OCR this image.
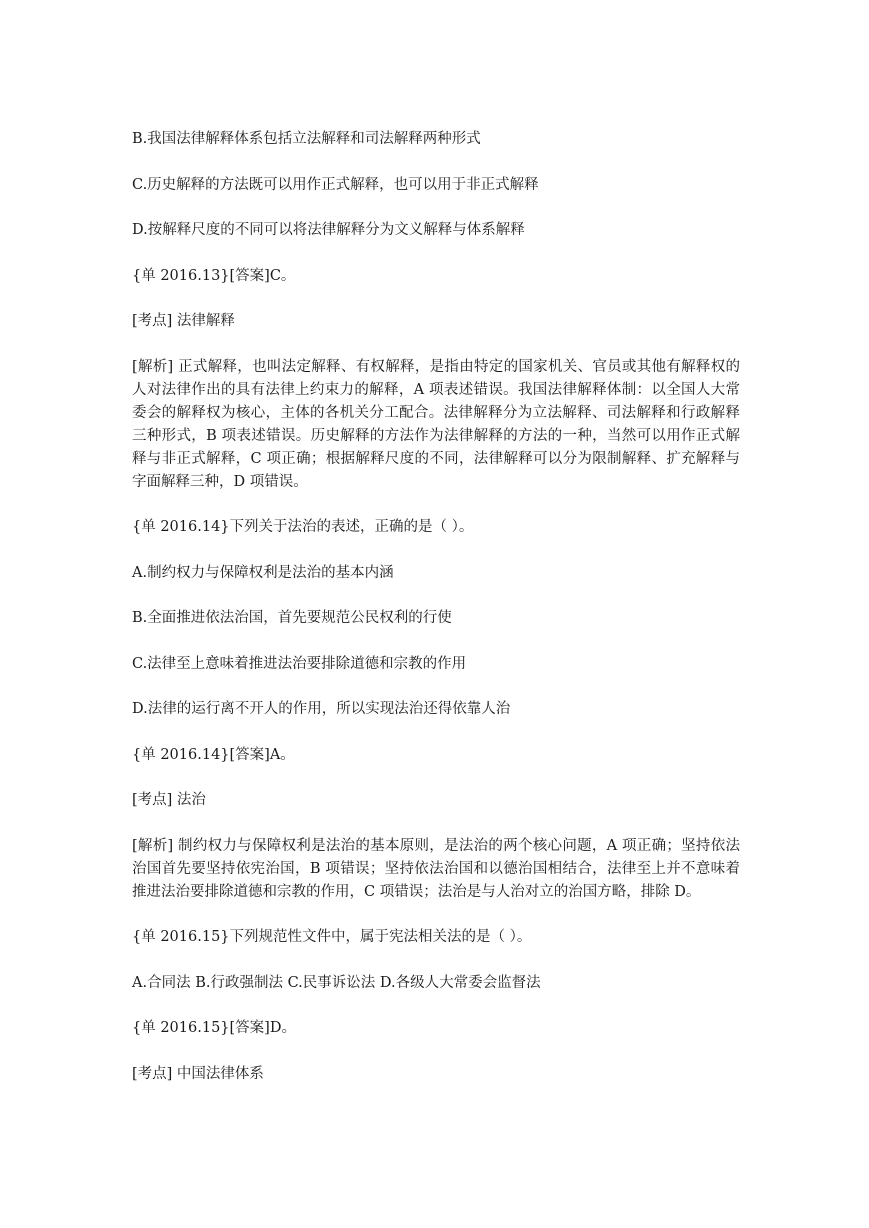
B.我国法律解释体系包括立法解释和司法解释两种形式

C.历史解释的方法既可以用作正式解释，也可以用于非正式解释

D.按解释尺度的不同可以将法律解释分为文义解释与体系解释

{单 2016.13}[答案]C。

[考点] 法律解释

[解析] 正式解释，也叫法定解释、有权解释，是指由特定的国家机关、官员或其他有解释权的人对法律作出的具有法律上约束力的解释，A 项表述错误。我国法律解释体制：以全国人大常委会的解释权为核心，主体的各机关分工配合。法律解释分为立法解释、司法解释和行政解释三种形式，B 项表述错误。历史解释的方法作为法律解释的方法的一种，当然可以用作正式解释与非正式解释，C 项正确；根据解释尺度的不同，法律解释可以分为限制解释、扩充解释与字面解释三种，D 项错误。

{单 2016.14}下列关于法治的表述，正确的是（ ）。

A.制约权力与保障权利是法治的基本内涵

B.全面推进依法治国，首先要规范公民权利的行使

C.法律至上意味着推进法治要排除道德和宗教的作用

D.法律的运行离不开人的作用，所以实现法治还得依靠人治

{单 2016.14}[答案]A。

[考点] 法治

[解析] 制约权力与保障权利是法治的基本原则，是法治的两个核心问题，A 项正确；坚持依法治国首先要坚持依宪治国，B 项错误；坚持依法治国和以德治国相结合，法律至上并不意味着推进法治要排除道德和宗教的作用，C 项错误；法治是与人治对立的治国方略，排除 D。

{单 2016.15}下列规范性文件中，属于宪法相关法的是（ ）。

A.合同法 B.行政强制法 C.民事诉讼法 D.各级人大常委会监督法

{单 2016.15}[答案]D。

[考点] 中国法律体系
